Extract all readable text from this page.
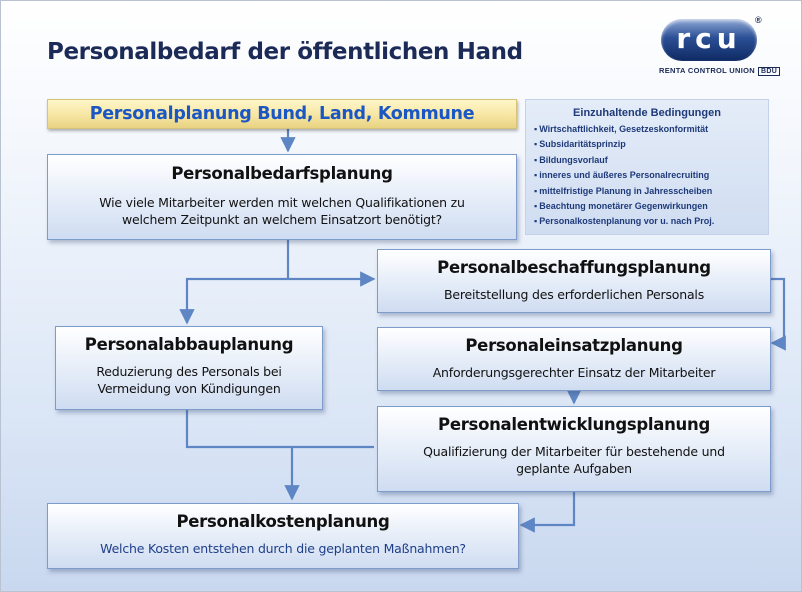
Personalbedarf der öffentlichen Hand	rcu
®
RENTA CONTROL UNION BDU
Personalplanung Bund, Land, Kommune	Einzuhaltende Bedingungen
▪ Wirtschaftlichkeit, Gesetzeskonformität
▪ Subsidaritätsprinzip
▪ Bildungsvorlauf
▪ inneres und äußeres Personalrecruiting
▪ mittelfristige Planung in Jahresscheiben
▪ Beachtung monetärer Gegenwirkungen
▪ Personalkostenplanung vor u. nach Proj.
Personalbedarfsplanung
Wie viele Mitarbeiter werden mit welchen Qualifikationen zu
welchem Zeitpunkt an welchem Einsatzort benötigt?
Personalbeschaffungsplanung
Bereitstellung des erforderlichen Personals
Personalabbauplanung
Reduzierung des Personals bei
Vermeidung von Kündigungen
Personaleinsatzplanung
Anforderungsgerechter Einsatz der Mitarbeiter
Personalentwicklungsplanung
Qualifizierung der Mitarbeiter für bestehende und
geplante Aufgaben
Personalkostenplanung
Welche Kosten entstehen durch die geplanten Maßnahmen?
